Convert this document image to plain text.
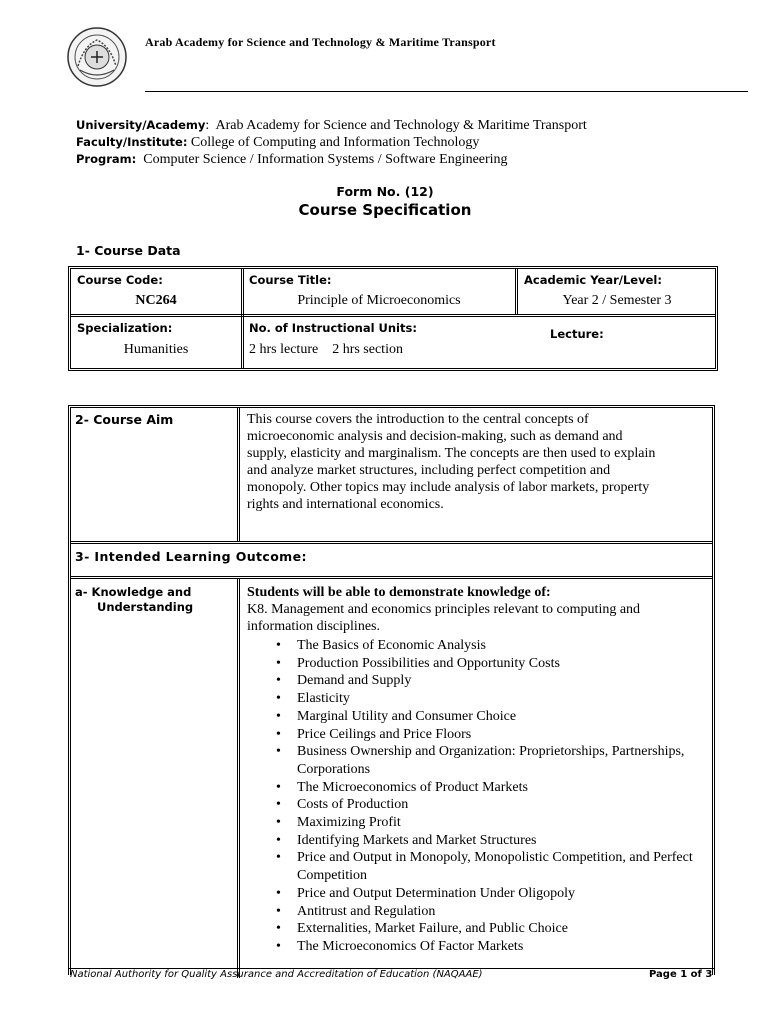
Arab Academy for Science and Technology & Maritime Transport
University/Academy:  Arab Academy for Science and Technology & Maritime Transport
Faculty/Institute: College of Computing and Information Technology
Program: Computer Science / Information Systems / Software Engineering
Form No. (12)
Course Specification
1- Course Data
Course Code:
NC264
Course Title:
Principle of Microeconomics
Academic Year/Level:
Year 2 / Semester 3
Specialization:
Humanities
No. of Instructional Units:
2 hrs lecture    2 hrs section
Lecture:
2- Course Aim	This course covers the introduction to the central concepts of
microeconomic analysis and decision-making, such as demand and
supply, elasticity and marginalism. The concepts are then used to explain
and analyze market structures, including perfect competition and
monopoly. Other topics may include analysis of labor markets, property
rights and international economics.
3- Intended Learning Outcome:
a- Knowledge and
Understanding
Students will be able to demonstrate knowledge of:
K8. Management and economics principles relevant to computing and
information disciplines.
• The Basics of Economic Analysis
• Production Possibilities and Opportunity Costs
• Demand and Supply
• Elasticity
• Marginal Utility and Consumer Choice
• Price Ceilings and Price Floors
• Business Ownership and Organization: Proprietorships, Partnerships, Corporations
• The Microeconomics of Product Markets
• Costs of Production
• Maximizing Profit
• Identifying Markets and Market Structures
• Price and Output in Monopoly, Monopolistic Competition, and Perfect Competition
• Price and Output Determination Under Oligopoly
• Antitrust and Regulation
• Externalities, Market Failure, and Public Choice
• The Microeconomics Of Factor Markets
National Authority for Quality Assurance and Accreditation of Education (NAQAAE)	Page 1 of 3
